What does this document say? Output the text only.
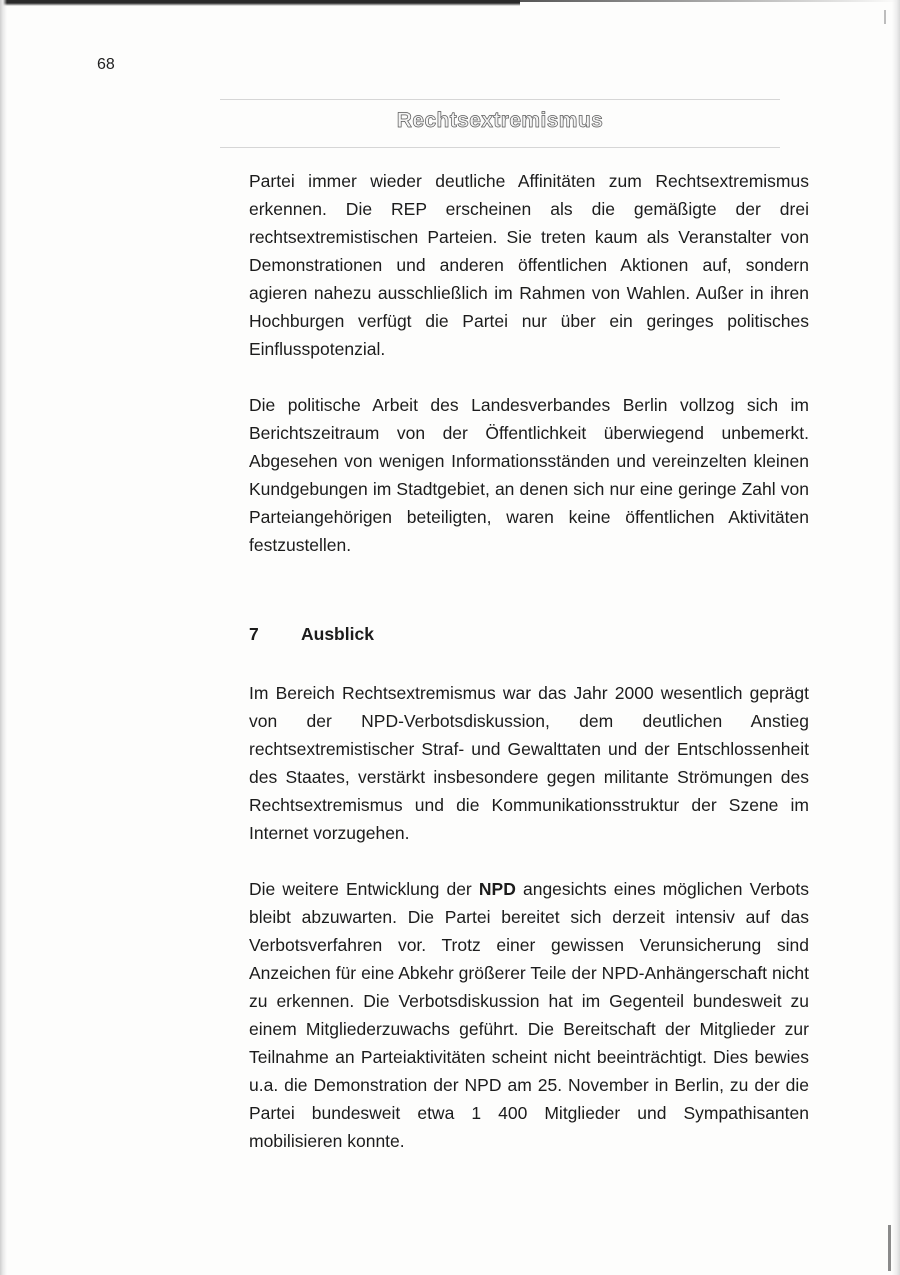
68
Rechtsextremismus

Partei immer wieder deutliche Affinitäten zum Rechtsextremismus erkennen. Die REP erscheinen als die gemäßigte der drei rechtsextremistischen Parteien. Sie treten kaum als Veranstalter von Demonstrationen und anderen öffentlichen Aktionen auf, sondern agieren nahezu ausschließlich im Rahmen von Wahlen. Außer in ihren Hochburgen verfügt die Partei nur über ein geringes politisches Einflusspotenzial.

Die politische Arbeit des Landesverbandes Berlin vollzog sich im Berichtszeitraum von der Öffentlichkeit überwiegend unbemerkt. Abgesehen von wenigen Informationsständen und vereinzelten kleinen Kundgebungen im Stadtgebiet, an denen sich nur eine geringe Zahl von Parteiangehörigen beteiligten, waren keine öffentlichen Aktivitäten festzustellen.

7 Ausblick

Im Bereich Rechtsextremismus war das Jahr 2000 wesentlich geprägt von der NPD-Verbotsdiskussion, dem deutlichen Anstieg rechtsextremistischer Straf- und Gewalttaten und der Entschlossenheit des Staates, verstärkt insbesondere gegen militante Strömungen des Rechtsextremismus und die Kommunikationsstruktur der Szene im Internet vorzugehen.

Die weitere Entwicklung der NPD angesichts eines möglichen Verbots bleibt abzuwarten. Die Partei bereitet sich derzeit intensiv auf das Verbotsverfahren vor. Trotz einer gewissen Verunsicherung sind Anzeichen für eine Abkehr größerer Teile der NPD-Anhängerschaft nicht zu erkennen. Die Verbotsdiskussion hat im Gegenteil bundesweit zu einem Mitgliederzuwachs geführt. Die Bereitschaft der Mitglieder zur Teilnahme an Parteiaktivitäten scheint nicht beeinträchtigt. Dies bewies u.a. die Demonstration der NPD am 25. November in Berlin, zu der die Partei bundesweit etwa 1 400 Mitglieder und Sympathisanten mobilisieren konnte.
